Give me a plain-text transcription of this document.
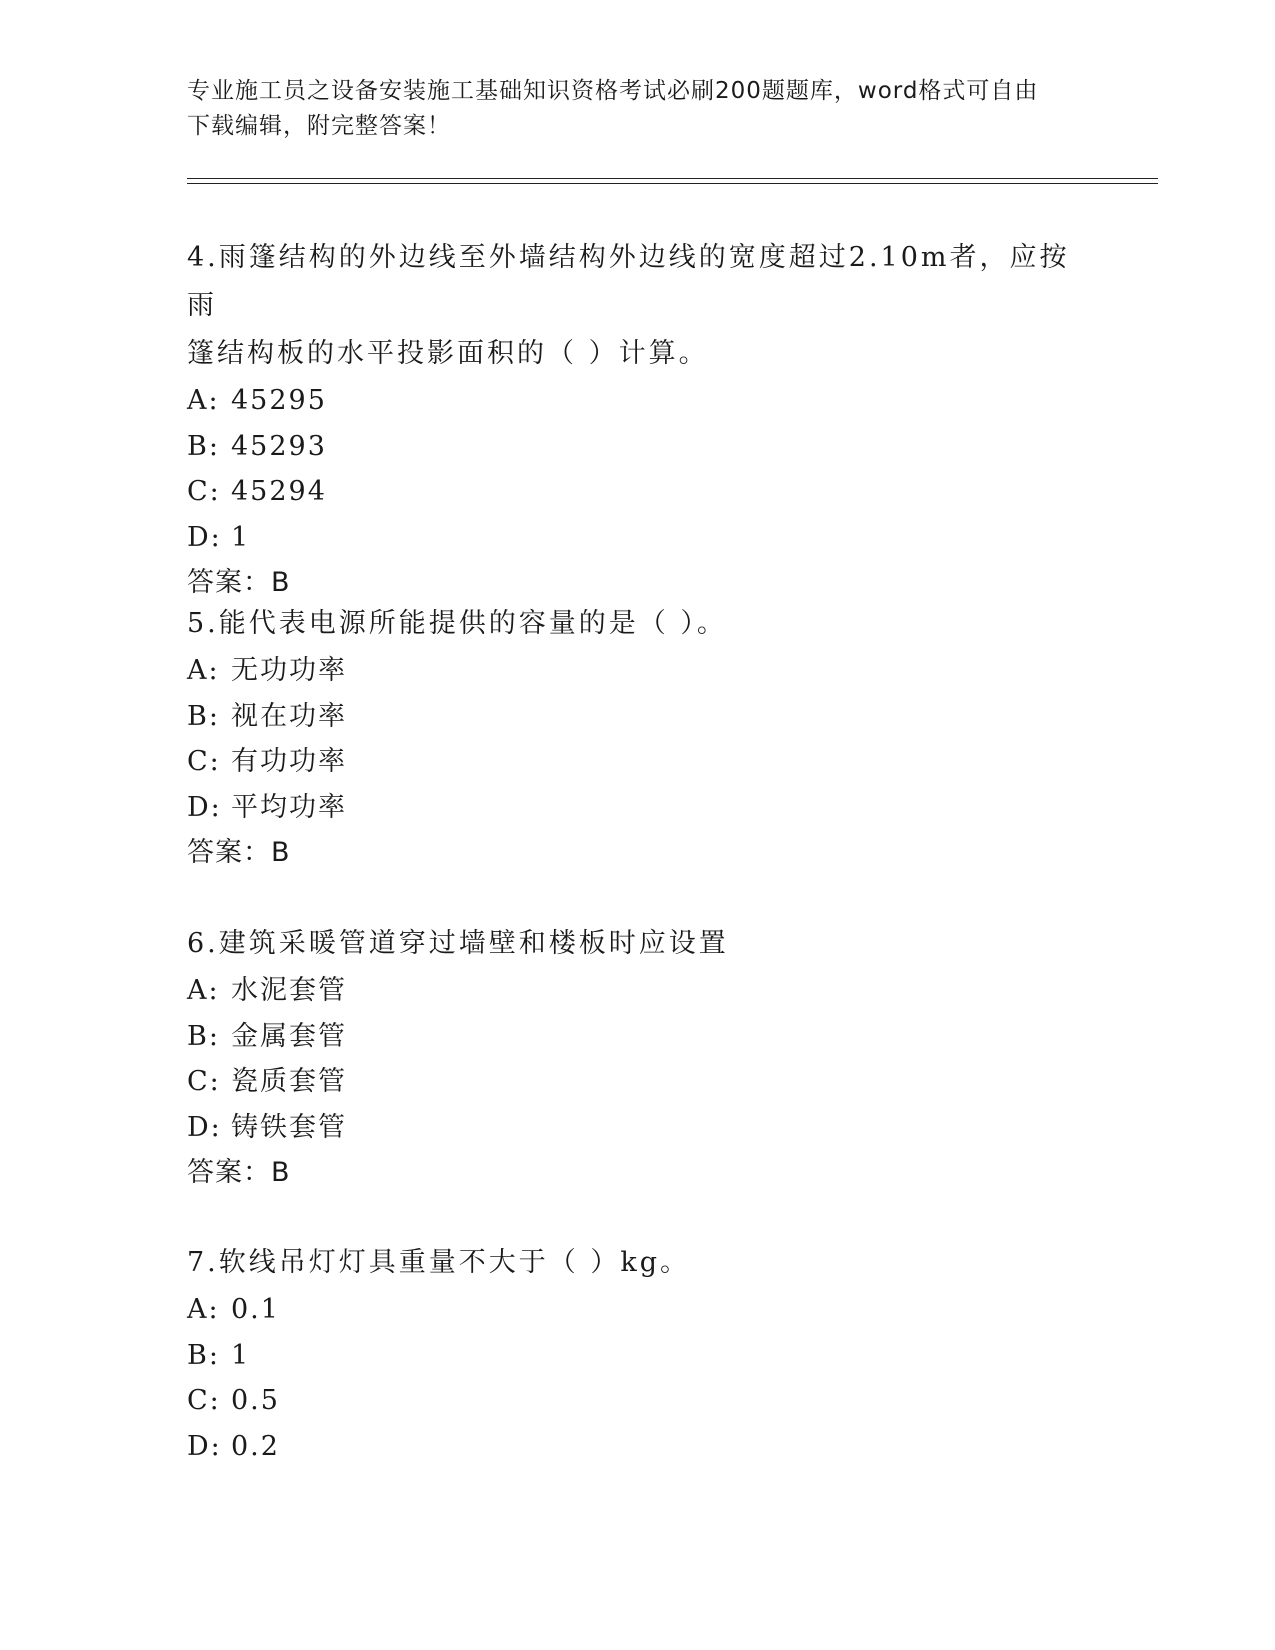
专业施工员之设备安装施工基础知识资格考试必刷200题题库，word格式可自由
下载编辑，附完整答案！
4.雨篷结构的外边线至外墙结构外边线的宽度超过2.10m者，应按雨
篷结构板的水平投影面积的（ ）计算。
A: 45295
B: 45293
C: 45294
D: 1
答案：B
5.能代表电源所能提供的容量的是（ ）。
A: 无功功率
B: 视在功率
C: 有功功率
D: 平均功率
答案：B
6.建筑采暖管道穿过墙壁和楼板时应设置
A: 水泥套管
B: 金属套管
C: 瓷质套管
D: 铸铁套管
答案：B
7.软线吊灯灯具重量不大于（ ）kg。
A: 0.1
B: 1
C: 0.5
D: 0.2
